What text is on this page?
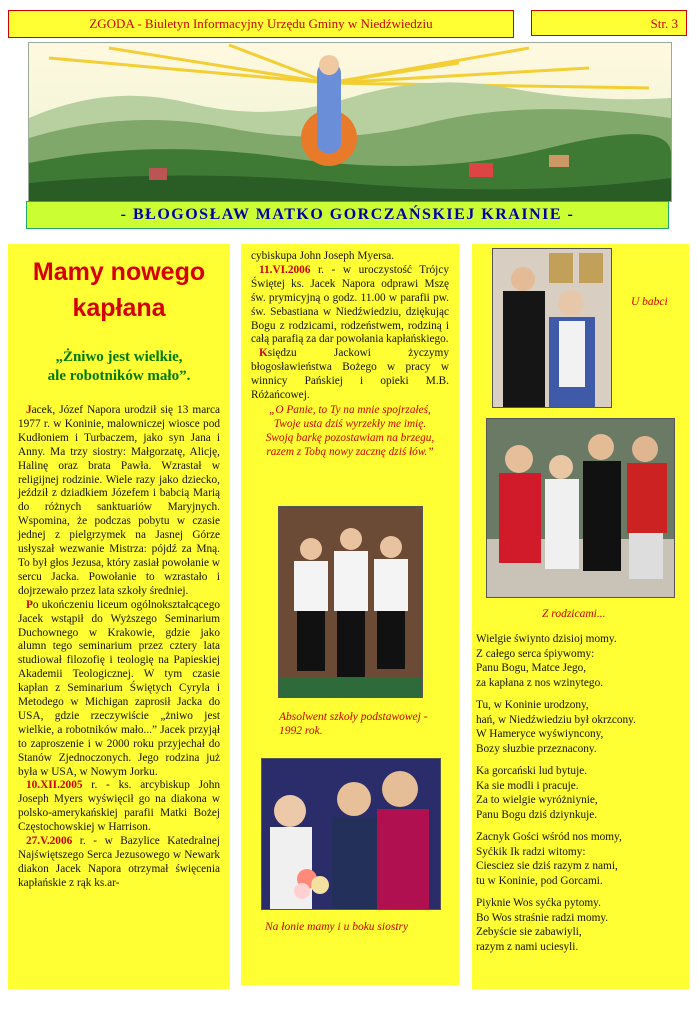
ZGODA - Biuletyn Informacyjny Urzędu Gminy w Niedźwiedziu	Str. 3
- BŁOGOSŁAW MATKO GORCZAŃSKIEJ KRAINIE -
Mamy nowego
kapłana
„Żniwo jest wielkie,
ale robotników mało”.

Jacek, Józef Napora urodził się 13 marca 1977 r. w Koninie, malowniczej wiosce pod Kudłoniem i Turbaczem, jako syn Jana i Anny. Ma trzy siostry: Małgorzatę, Alicję, Halinę oraz brata Pawła. Wzrastał w religijnej rodzinie. Wiele razy jako dziecko, jeździł z dziadkiem Józefem i babcią Marią do różnych sanktuariów Maryjnych. Wspomina, że podczas pobytu w czasie jednej z pielgrzymek na Jasnej Górze usłyszał wezwanie Mistrza: pójdź za Mną. To był głos Jezusa, który zasiał powołanie w sercu Jacka. Powołanie to wzrastało i dojrzewało przez lata szkoły średniej.

Po ukończeniu liceum ogólnokształcącego Jacek wstąpił do Wyższego Seminarium Duchownego w Krakowie, gdzie jako alumn tego seminarium przez cztery lata studiował filozofię i teologię na Papieskiej Akademii Teologicznej. W tym czasie kapłan z Seminarium Świętych Cyryla i Metodego w Michigan zaprosił Jacka do USA, gdzie rzeczywiście „żniwo jest wielkie, a robotników mało...” Jacek przyjął to zaproszenie i w 2000 roku przyjechał do Stanów Zjednoczonych. Jego rodzina już była w USA, w Nowym Jorku.

10.XII.2005 r. - ks. arcybiskup John Joseph Myers wyświęcił go na diakona w polsko-amerykańskiej parafii Matki Bożej Częstochowskiej w Harrison.

27.V.2006 r. - w Bazylice Katedralnej Najświętszego Serca Jezusowego w Newark diakon Jacek Napora otrzymał święcenia kapłańskie z rąk ks.ar-

cybiskupa John Joseph Myersa.

11.VI.2006 r. - w uroczystość Trójcy Świętej ks. Jacek Napora odprawi Mszę św. prymicyjną o godz. 11.00 w parafii pw. św. Sebastiana w Niedźwiedziu, dziękując Bogu z rodzicami, rodzeństwem, rodziną i całą parafią za dar powołania kapłańskiego.

Księdzu Jackowi życzymy błogosławieństwa Bożego w pracy w winnicy Pańskiej i opieki M.B. Różańcowej.

„O Panie, to Ty na mnie spojrzałeś,
Twoje usta dziś wyrzekły me imię.
Swoją barkę pozostawiam na brzegu,
razem z Tobą nowy zacznę dziś łów.”
Absolwent szkoły podstawowej - 1992 rok.
Na łonie mamy i u boku siostry
U babci
Z rodzicami...
Wielgie świynto dzisioj momy.
Z całego serca śpiywomy:
Panu Bogu, Matce Jego,
za kapłana z nos wzinytego.
Tu, w Koninie urodzony,
hań, w Niedźwiedziu był okrzcony.
W Hameryce wyświyncony,
Bozy słuzbie przeznacony.
Ka gorcański lud bytuje.
Ka sie modli i pracuje.
Za to wielgie wyróżniynie,
Panu Bogu dziś dziynkuje.
Zacnyk Gości wśród nos momy,
Syćkik Ik radzi witomy:
Ciesciez sie dziś razym z nami,
tu w Koninie, pod Gorcami.
Piyknie Wos syćka pytomy.
Bo Wos straśnie radzi momy.
Zebyście sie zabawiyli,
razym z nami uciesyli.
